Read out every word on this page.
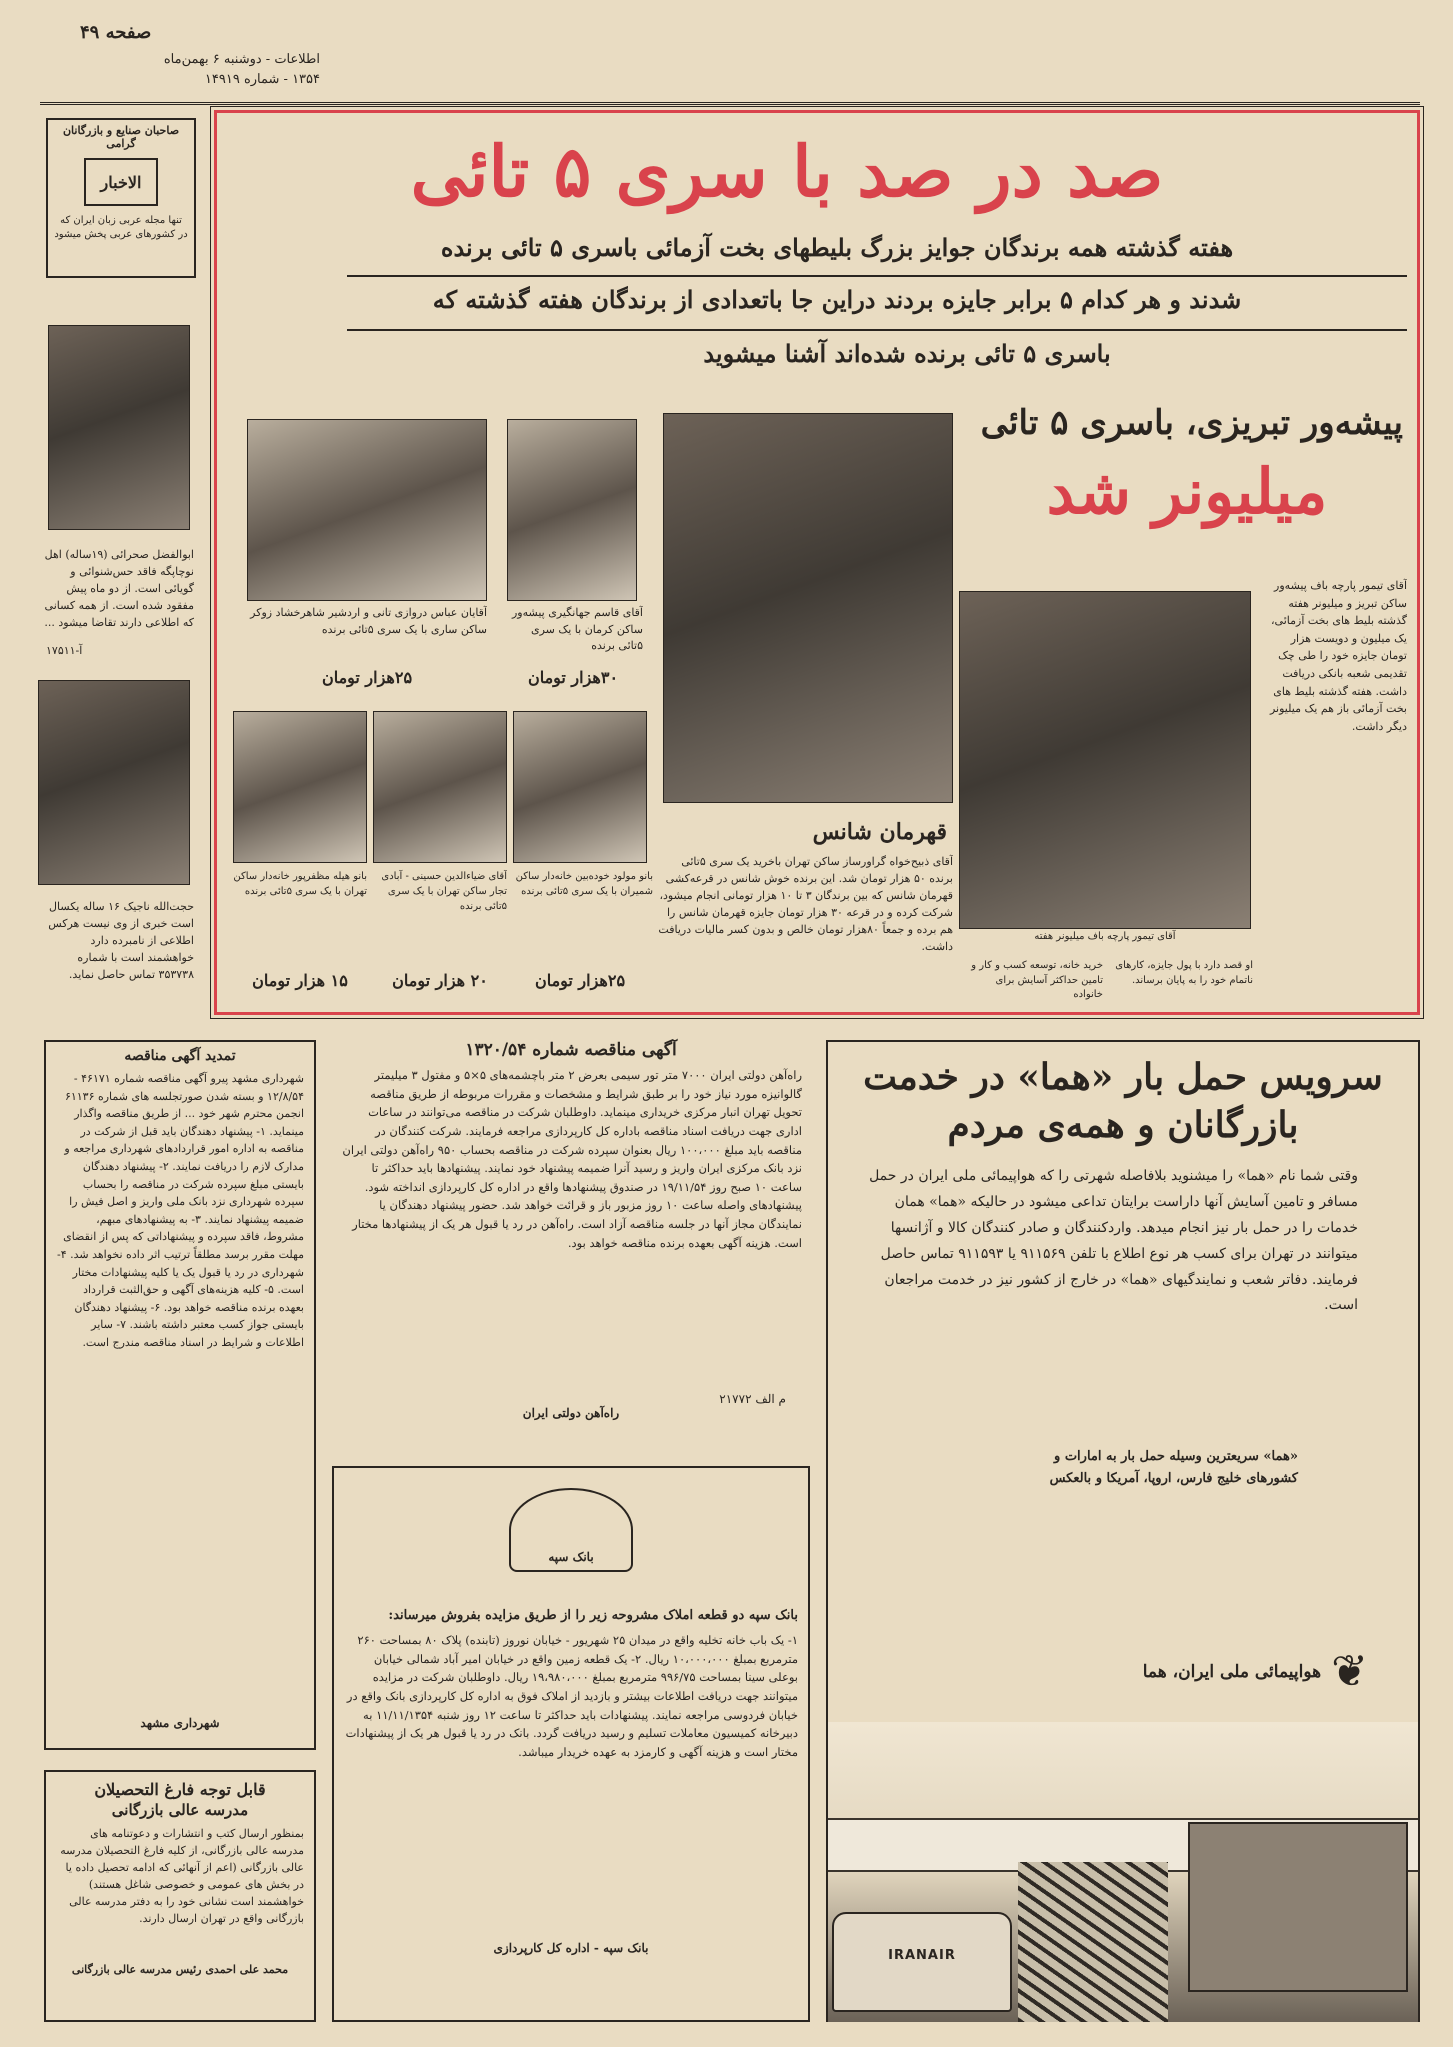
صفحه ۴۹
اطلاعات - دوشنبه ۶ بهمن‌ماه
۱۳۵۴ - شماره ۱۴۹۱۹
صاحبان صنایع و بازرگانان گرامی
الاخبار
تنها مجله عربی زبان ایران که در کشورهای عربی پخش میشود
ابوالفضل صحرائی (۱۹ساله) اهل نوچاپگه فاقد حس‌شنوائی و گویائی است. از دو ماه پیش مفقود شده است. از همه کسانی که اطلاعی دارند تقاضا میشود ...
آ-۱۷۵۱۱
حجت‌الله ناجیک ۱۶ ساله یکسال است خبری از وی نیست هرکس اطلاعی از نامبرده دارد خواهشمند است با شماره ۳۵۳۷۳۸ تماس حاصل نماید.
صد در صد با سری ۵ تائی
هفته گذشته همه برندگان جوایز بزرگ بلیطهای بخت آزمائی باسری ۵ تائی برنده
شدند و هر کدام ۵ برابر جایزه بردند دراین جا باتعدادی از برندگان هفته گذشته که
باسری ۵ تائی برنده شده‌اند آشنا میشوید
آقای قاسم جهانگیری پیشه‌ور ساکن کرمان با یک سری ۵تائی برنده
۳۰هزار تومان
آقایان عباس دروازی تانی و اردشیر شاهرخشاد زوکر ساکن ساری با یک سری ۵تائی برنده
۲۵هزار تومان
بانو مولود خوده‌بین خانه‌دار ساکن شمیران با یک سری ۵تائی برنده
۲۵هزار تومان
آقای ضیاءالدین حسینی - آبادی تجار ساکن تهران با یک سری ۵تائی برنده
۲۰ هزار تومان
بانو هیله مظفرپور خانه‌دار ساکن تهران با یک سری ۵تائی برنده
۱۵ هزار تومان
قهرمان شانس
آقای ذبیح‌خواه گراورساز ساکن تهران باخرید یک سری ۵تائی برنده ۵۰ هزار تومان شد. این برنده خوش شانس در قرعه‌کشی قهرمان شانس که بین برندگان ۳ تا ۱۰ هزار تومانی انجام میشود، شرکت کرده و در قرعه ۳۰ هزار تومان جایزه قهرمان شانس را هم برده و جمعاً ۸۰هزار تومان خالص و بدون کسر مالیات دریافت داشت.
پیشه‌ور تبریزی، باسری ۵ تائی
میلیونر شد
آقای تیمور پارچه باف میلیونر هفته
آقای تیمور پارچه باف پیشه‌ور ساکن تبریز و میلیونر هفته گذشته بلیط های بخت آزمائی، یک میلیون و دویست هزار تومان جایزه خود را طی چک تقدیمی شعبه بانکی دریافت داشت. هفته گذشته بلیط های بخت آزمائی باز هم یک میلیونر دیگر داشت.
او قصد دارد با پول جایزه، کارهای ناتمام خود را به پایان برساند.
خرید خانه، توسعه کسب و کار و تامین حداکثر آسایش برای خانواده
تمدید آگهی مناقصه
شهرداری مشهد پیرو آگهی مناقصه شماره ۴۶۱۷۱ - ۱۲/۸/۵۴ و بسته شدن صورتجلسه های شماره ۶۱۱۳۶ انجمن محترم شهر خود ... از طریق مناقصه واگذار مینماید. ۱- پیشنهاد دهندگان باید قبل از شرکت در مناقصه به اداره امور قراردادهای شهرداری مراجعه و مدارک لازم را دریافت نمایند. ۲- پیشنهاد دهندگان بایستی مبلغ سپرده شرکت در مناقصه را بحساب سپرده شهرداری نزد بانک ملی واریز و اصل فیش را ضمیمه پیشنهاد نمایند. ۳- به پیشنهادهای مبهم، مشروط، فاقد سپرده و پیشنهاداتی که پس از انقضای مهلت مقرر برسد مطلقاً ترتیب اثر داده نخواهد شد. ۴- شهرداری در رد یا قبول یک یا کلیه پیشنهادات مختار است. ۵- کلیه هزینه‌های آگهی و حق‌الثبت قرارداد بعهده برنده مناقصه خواهد بود. ۶- پیشنهاد دهندگان بایستی جواز کسب معتبر داشته باشند. ۷- سایر اطلاعات و شرایط در اسناد مناقصه مندرج است.
شهرداری مشهد
قابل توجه فارغ التحصیلان
مدرسه عالی بازرگانی
بمنظور ارسال کتب و انتشارات و دعوتنامه های مدرسه عالی بازرگانی، از کلیه فارغ التحصیلان مدرسه عالی بازرگانی (اعم از آنهائی که ادامه تحصیل داده یا در بخش های عمومی و خصوصی شاغل هستند) خواهشمند است نشانی خود را به دفتر مدرسه عالی بازرگانی واقع در تهران ارسال دارند.
محمد علی احمدی رئیس مدرسه عالی بازرگانی
آگهی مناقصه شماره ۱۳۲۰/۵۴
راه‌آهن دولتی ایران ۷۰۰۰ متر تور سیمی بعرض ۲ متر باچشمه‌های ۵×۵ و مفتول ۳ میلیمتر گالوانیزه مورد نیاز خود را بر طبق شرایط و مشخصات و مقررات مربوطه از طریق مناقصه تحویل تهران انبار مرکزی خریداری مینماید. داوطلبان شرکت در مناقصه می‌توانند در ساعات اداری جهت دریافت اسناد مناقصه باداره کل کارپردازی مراجعه فرمایند. شرکت کنندگان در مناقصه باید مبلغ ۱۰۰،۰۰۰ ریال بعنوان سپرده شرکت در مناقصه بحساب ۹۵۰ راه‌آهن دولتی ایران نزد بانک مرکزی ایران واریز و رسید آنرا ضمیمه پیشنهاد خود نمایند. پیشنهادها باید حداکثر تا ساعت ۱۰ صبح روز ۱۹/۱۱/۵۴ در صندوق پیشنهادها واقع در اداره کل کارپردازی انداخته شود. پیشنهادهای واصله ساعت ۱۰ روز مزبور باز و قرائت خواهد شد. حضور پیشنهاد دهندگان یا نمایندگان مجاز آنها در جلسه مناقصه آزاد است. راه‌آهن در رد یا قبول هر یک از پیشنهادها مختار است. هزینه آگهی بعهده برنده مناقصه خواهد بود.
م الف ۲۱۷۷۲
راه‌آهن دولتی ایران
بانک سپه
بانک سپه دو قطعه املاک مشروحه زیر را از طریق مزایده بفروش میرساند:
۱- یک باب خانه تخلیه واقع در میدان ۲۵ شهریور - خیابان نوروز (تابنده) پلاک ۸۰ بمساحت ۲۶۰ مترمربع بمبلغ ۱۰،۰۰۰،۰۰۰ ریال. ۲- یک قطعه زمین واقع در خیابان امیر آباد شمالی خیابان بوعلی سینا بمساحت ۹۹۶/۷۵ مترمربع بمبلغ ۱۹،۹۸۰،۰۰۰ ریال. داوطلبان شرکت در مزایده میتوانند جهت دریافت اطلاعات بیشتر و بازدید از املاک فوق به اداره کل کارپردازی بانک واقع در خیابان فردوسی مراجعه نمایند. پیشنهادات باید حداکثر تا ساعت ۱۲ روز شنبه ۱۱/۱۱/۱۳۵۴ به دبیرخانه کمیسیون معاملات تسلیم و رسید دریافت گردد. بانک در رد یا قبول هر یک از پیشنهادات مختار است و هزینه آگهی و کارمزد به عهده خریدار میباشد.
بانک سپه - اداره کل کارپردازی
سرویس حمل بار «هما» در خدمت
بازرگانان و همه‌ی مردم
وقتی شما نام «هما» را میشنوید بلافاصله شهرتی را که هواپیمائی ملی ایران در حمل مسافر و تامین آسایش آنها داراست برایتان تداعی میشود در حالیکه «هما» همان خدمات را در حمل بار نیز انجام میدهد. واردکنندگان و صادر کنندگان کالا و آژانسها میتوانند در تهران برای کسب هر نوع اطلاع با تلفن ۹۱۱۵۶۹ یا ۹۱۱۵۹۳ تماس حاصل فرمایند. دفاتر شعب و نمایندگیهای «هما» در خارج از کشور نیز در خدمت مراجعان است.
«هما» سریعترین وسیله حمل بار به امارات و کشورهای خلیج فارس، اروپا، آمریکا و بالعکس
❦
هواپیمائی ملی ایران، هما
IRANAIR
